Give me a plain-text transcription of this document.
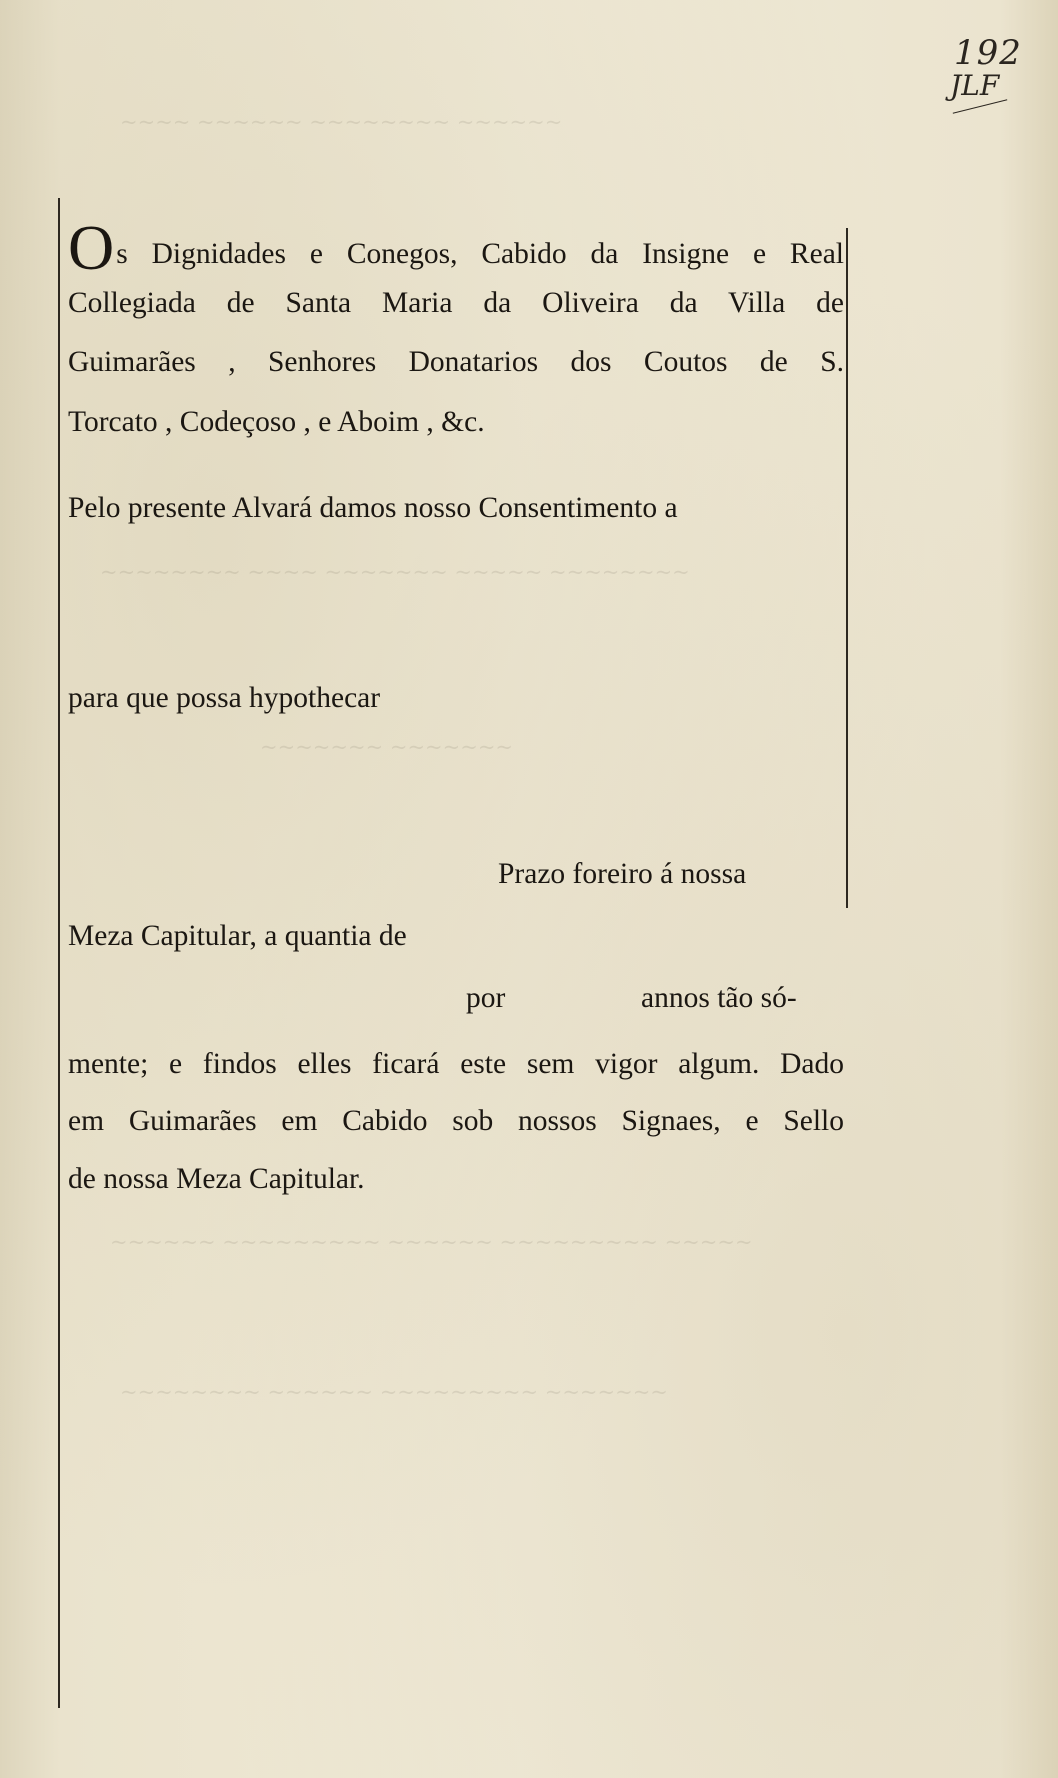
~~~~ ~~~~~~ ~~~~~~~~ ~~~~~~
~~~~~~~~ ~~~~ ~~~~~~~ ~~~~~ ~~~~~~~~
~~~~~~~ ~~~~~~~
~~~~~~ ~~~~~~~~~ ~~~~~~ ~~~~~~~~~ ~~~~~
~~~~~~~~ ~~~~~~ ~~~~~~~~~ ~~~~~~~
192
JLF
Os Dignidades e Conegos, Cabido da Insigne e Real
Collegiada de Santa Maria da Oliveira da Villa de
Guimarães , Senhores Donatarios dos Coutos de S.
Torcato , Codeçoso , e Aboim , &c.
Pelo presente Alvará damos nosso Consentimento a
para que possa hypothecar
Prazo foreiro á nossa
Meza Capitular, a quantia de
por	annos tão só-
mente; e findos elles ficará este sem vigor algum. Dado
em Guimarães em Cabido sob nossos Signaes, e Sello
de nossa Meza Capitular.
